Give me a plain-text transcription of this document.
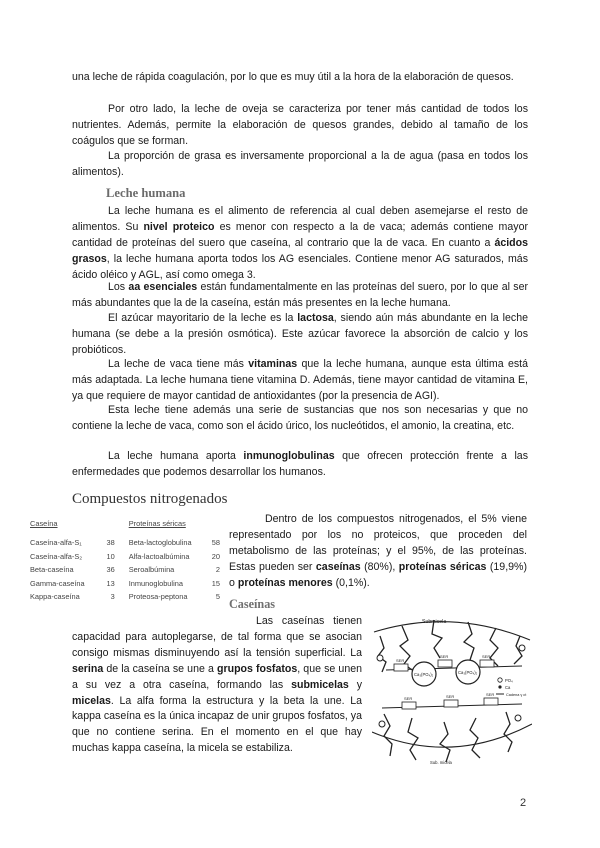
una leche de rápida coagulación, por lo que es muy útil a la hora de la elaboración de quesos.

Por otro lado, la leche de oveja se caracteriza por tener más cantidad de todos los nutrientes. Además, permite la elaboración de quesos grandes, debido al tamaño de los coágulos que se forman.

La proporción de grasa es inversamente proporcional a la de agua (pasa en todos los alimentos).

Leche humana

La leche humana es el alimento de referencia al cual deben asemejarse el resto de alimentos. Su nivel proteico es menor con respecto a la de vaca; además contiene mayor cantidad de proteínas del suero que caseína, al contrario que la de vaca. En cuanto a ácidos grasos, la leche humana aporta todos los AG esenciales. Contiene menor AG saturados, más ácido oléico y AGL, así como omega 3.

Los aa esenciales están fundamentalmente en las proteínas del suero, por lo que al ser más abundantes que la de la caseína, están más presentes en la leche humana.

El azúcar mayoritario de la leche es la lactosa, siendo aún más abundante en la leche humana (se debe a la presión osmótica). Este azúcar favorece la absorción de calcio y los probióticos.

La leche de vaca tiene más vitaminas que la leche humana, aunque esta última está más adaptada. La leche humana tiene vitamina D. Además, tiene mayor cantidad de vitamina E, ya que requiere de mayor cantidad de antioxidantes (por la presencia de AGI).

Esta leche tiene además una serie de sustancias que nos son necesarias y que no contiene la leche de vaca, como son el ácido úrico, los nucleótidos, el amonio, la creatina, etc.

La leche humana aporta inmunoglobulinas que ofrecen protección frente a las enfermedades que podemos desarrollar los humanos.

Compuestos nitrogenados
Caseína		Proteínas séricas	
Caseína-alfa-S₁	38	Beta-lactoglobulina	58
Caseína-alfa-S₂	10	Alfa-lactoalbúmina	20
Beta-caseína	36	Seroalbúmina	2
Gamma-caseína	13	Inmunoglobulina	15
Kappa-caseína	3	Proteosa-peptona	5

Dentro de los compuestos nitrogenados, el 5% viene representado por los no proteicos, que proceden del metabolismo de las proteínas; y el 95%, de las proteínas. Estas pueden ser caseínas (80%), proteínas séricas (19,9%) o proteínas menores (0,1%).

Caseínas

Las caseínas tienen capacidad para autoplegarse, de tal forma que se asocian consigo mismas disminuyendo así la tensión superficial. La serina de la caseína se une a grupos fosfatos, que se unen a su vez a otra caseína, formando las submicelas y micelas. La alfa forma la estructura y la beta la une. La kappa caseína es la única incapaz de unir grupos fosfatos, ya que no contiene serina. En el momento en el que hay muchas kappa caseína, la micela se estabiliza.

Submicela
SER
SER	SER
SER	SER	SER
Ca₃(PO₄)₂	Ca₃(PO₄)₂
PO₄
Ca
Cadena γ ct
Sub. micela
2
